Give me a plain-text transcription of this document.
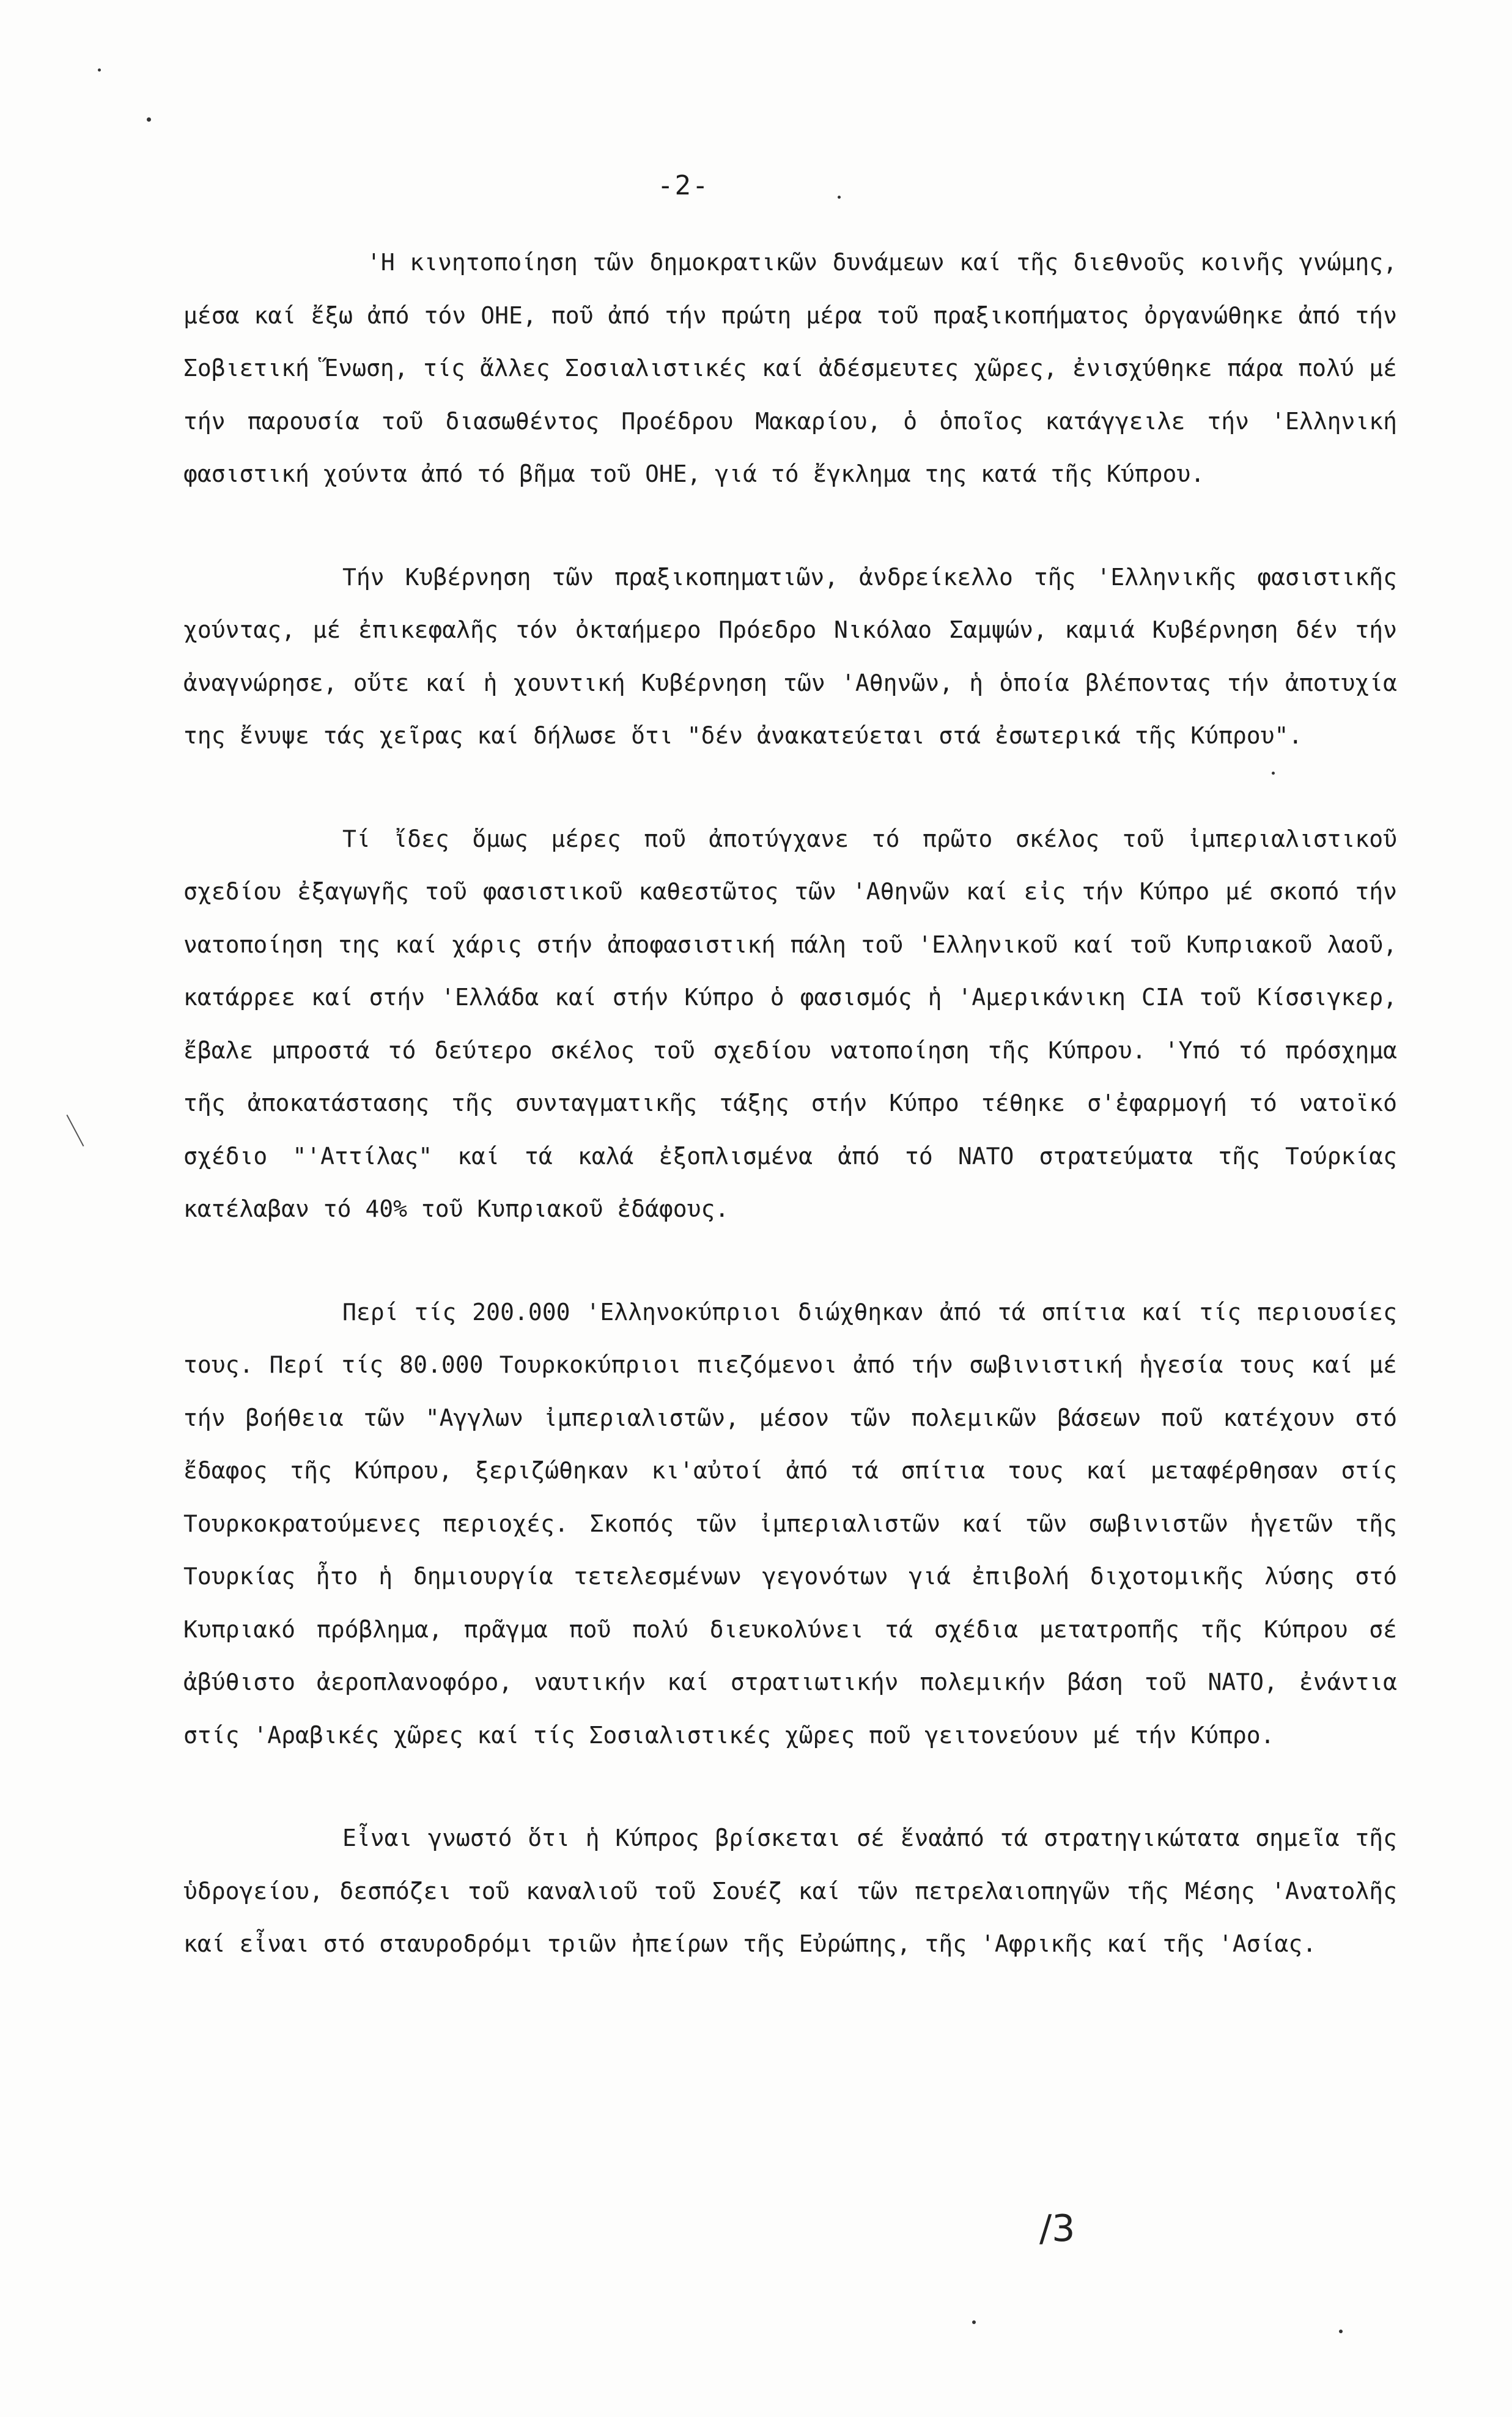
-2-

'Η κινητοποίηση τῶν δημοκρατικῶν δυνάμεων καί τῆς διεθνοῦς κοινῆς γνώμης, μέσα καί ἔξω ἀπό τόν ΟΗΕ, ποῦ ἀπό τήν πρώτη μέρα τοῦ πραξικοπήματος ὀργανώθηκε ἀπό τήν Σοβιετική Ἕνωση, τίς ἄλλες Σοσιαλιστικές καί ἀδέσμευτες χῶρες, ἐνισχύθηκε πάρα πολύ μέ τήν παρουσία τοῦ διασωθέντος Προέδρου Μακαρίου, ὁ ὁποῖος κατάγγειλε τήν 'Ελληνική φασιστική χούντα ἀπό τό βῆμα τοῦ ΟΗΕ, γιά τό ἔγκλημα της κατά τῆς Κύπρου.

Τήν Κυβέρνηση τῶν πραξικοπηματιῶν, ἀνδρείκελλο τῆς 'Ελληνικῆς φασιστικῆς χούντας, μέ ἐπικεφαλῆς τόν ὀκταήμερο Πρόεδρο Νικόλαο Σαμψών, καμιά Κυβέρνηση δέν τήν ἀναγνώρησε, οὔτε καί ἡ χουντική Κυβέρνηση τῶν 'Αθηνῶν, ἡ ὁποία βλέποντας τήν ἀποτυχία της ἔνυψε τάς χεῖρας καί δήλωσε ὅτι "δέν ἀνακατεύεται στά ἐσωτερικά τῆς Κύπρου".

Τί ἴδες ὅμως μέρες ποῦ ἀποτύγχανε τό πρῶτο σκέλος τοῦ ἰμπεριαλιστικοῦ σχεδίου ἐξαγωγῆς τοῦ φασιστικοῦ καθεστῶτος τῶν 'Αθηνῶν καί εἰς τήν Κύπρο μέ σκοπό τήν νατοποίηση της καί χάρις στήν ἀποφασιστική πάλη τοῦ 'Ελληνικοῦ καί τοῦ Κυπριακοῦ λαοῦ, κατάρρεε καί στήν 'Ελλάδα καί στήν Κύπρο ὁ φασισμός ἡ 'Αμερικάνικη CIA τοῦ Κίσσιγκερ, ἔβαλε μπροστά τό δεύτερο σκέλος τοῦ σχεδίου νατοποίηση τῆς Κύπρου. 'Υπό τό πρόσχημα τῆς ἀποκατάστασης τῆς συνταγματικῆς τάξης στήν Κύπρο τέθηκε σ'ἐφαρμογή τό νατοϊκό σχέδιο "'Αττίλας" καί τά καλά ἐξοπλισμένα ἀπό τό ΝΑΤΟ στρατεύματα τῆς Τούρκίας κατέλαβαν τό 40% τοῦ Κυπριακοῦ ἐδάφους.

Περί τίς 200.000 'Ελληνοκύπριοι διώχθηκαν ἀπό τά σπίτια καί τίς περιουσίες τους. Περί τίς 80.000 Τουρκοκύπριοι πιεζόμενοι ἀπό τήν σωβινιστική ἡγεσία τους καί μέ τήν βοήθεια τῶν "Αγγλων ἰμπεριαλιστῶν, μέσον τῶν πολεμικῶν βάσεων ποῦ κατέχουν στό ἔδαφος τῆς Κύπρου, ξεριζώθηκαν κι'αὐτοί ἀπό τά σπίτια τους καί μεταφέρθησαν στίς Τουρκοκρατούμενες περιοχές. Σκοπός τῶν ἰμπεριαλιστῶν καί τῶν σωβινιστῶν ἡγετῶν τῆς Τουρκίας ἦτο ἡ δημιουργία τετελεσμένων γεγονότων γιά ἐπιβολή διχοτομικῆς λύσης στό Κυπριακό πρόβλημα, πρᾶγμα ποῦ πολύ διευκολύνει τά σχέδια μετατροπῆς τῆς Κύπρου σέ ἀβύθιστο ἀεροπλανοφόρο, ναυτικήν καί στρατιωτικήν πολεμικήν βάση τοῦ ΝΑΤΟ, ἐνάντια στίς 'Αραβικές χῶρες καί τίς Σοσιαλιστικές χῶρες ποῦ γειτονεύουν μέ τήν Κύπρο.

Εἶναι γνωστό ὅτι ἡ Κύπρος βρίσκεται σέ ἕναἀπό τά στρατηγικώτατα σημεῖα τῆς ὑδρογείου, δεσπόζει τοῦ καναλιοῦ τοῦ Σουέζ καί τῶν πετρελαιοπηγῶν τῆς Μέσης 'Ανατολῆς καί εἶναι στό σταυροδρόμι τριῶν ἠπείρων τῆς Εὐρώπης, τῆς 'Αφρικῆς καί τῆς 'Ασίας.

/3
